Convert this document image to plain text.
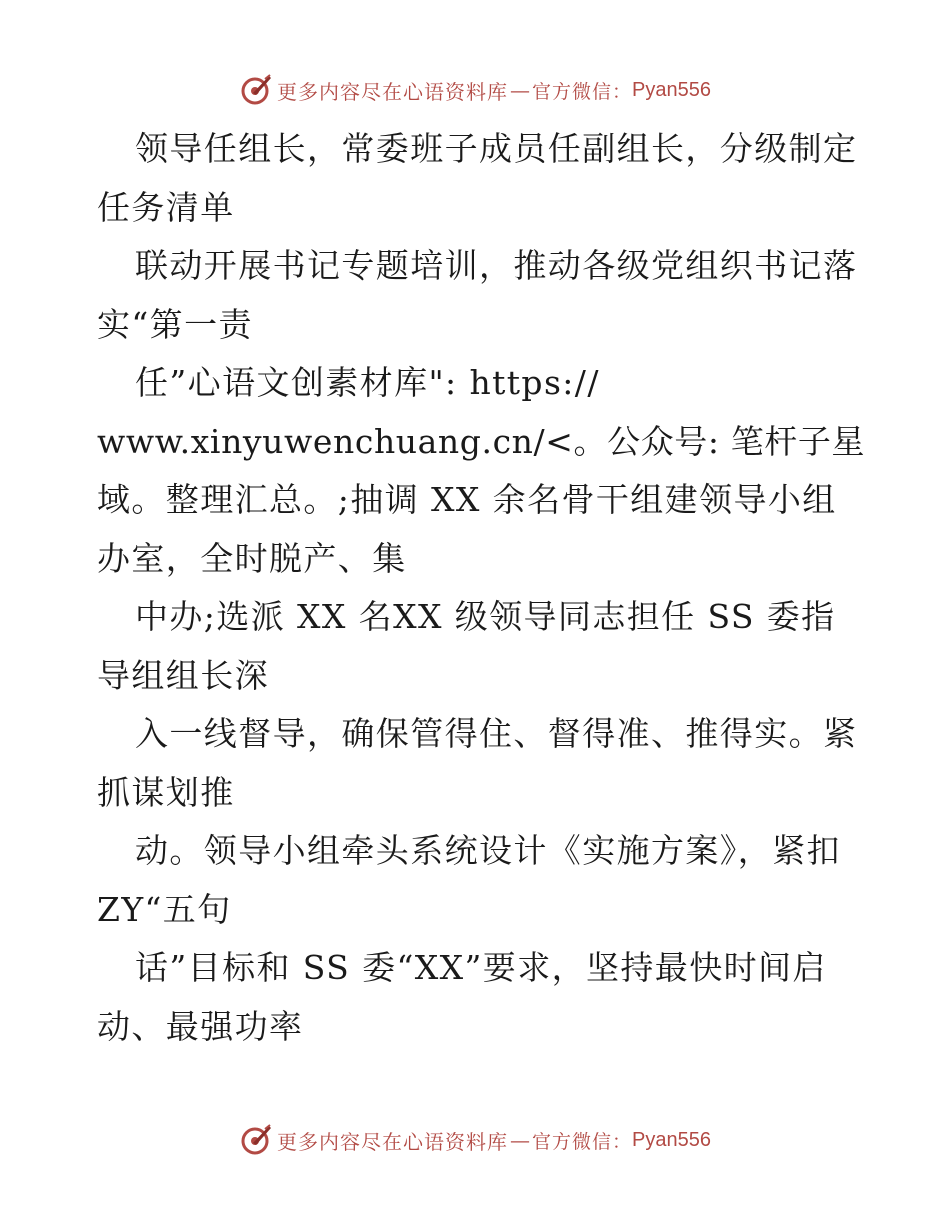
更多内容尽在心语资料库 — 官方微信： Pyan556
领导任组长，常委班子成员任副组长，分级制定
任务清单
联动开展书记专题培训，推动各级党组织书记落
实“第一责
任”心语文创素材库": https://
www.xinyuwenchuang.cn/<。公众号: 笔杆子星
域。整理汇总。;抽调 XX 余名骨干组建领导小组
办室，全时脱产、集
中办;选派 XX 名XX 级领导同志担任 SS 委指
导组组长深
入一线督导，确保管得住、督得准、推得实。紧
抓谋划推
动。领导小组牵头系统设计《实施方案》，紧扣
ZY“五句
话”目标和 SS 委“XX”要求，坚持最快时间启
动、最强功率
更多内容尽在心语资料库 — 官方微信： Pyan556
